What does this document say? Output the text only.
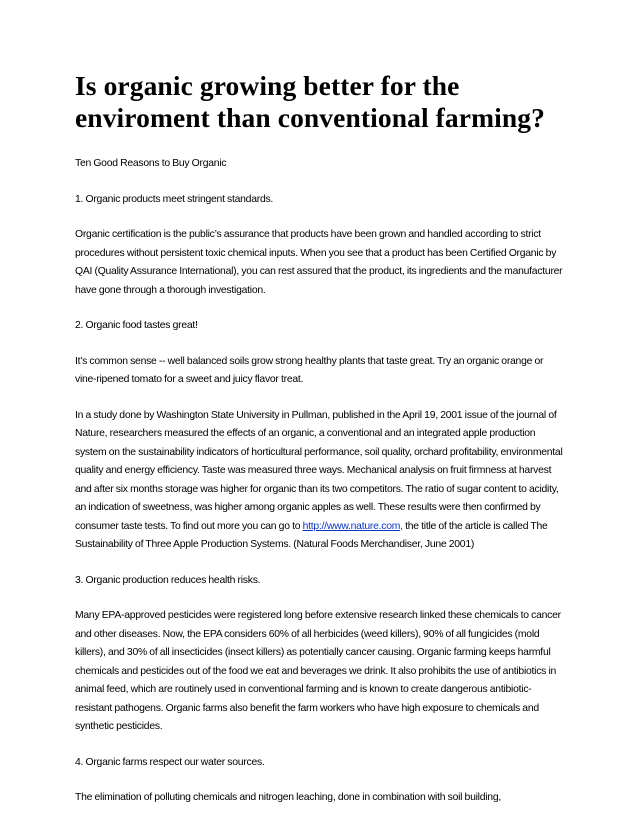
Is organic growing better for the enviroment than conventional farming?

Ten Good Reasons to Buy Organic

1. Organic products meet stringent standards.

Organic certification is the public’s assurance that products have been grown and handled according to strict procedures without persistent toxic chemical inputs. When you see that a product has been Certified Organic by QAI (Quality Assurance International), you can rest assured that the product, its ingredients and the manufacturer have gone through a thorough investigation.

2. Organic food tastes great!

It’s common sense -- well balanced soils grow strong healthy plants that taste great. Try an organic orange or vine-ripened tomato for a sweet and juicy flavor treat.

In a study done by Washington State University in Pullman, published in the April 19, 2001 issue of the journal of Nature, researchers measured the effects of an organic, a conventional and an integrated apple production system on the sustainability indicators of horticultural performance, soil quality, orchard profitability, environmental quality and energy efficiency. Taste was measured three ways. Mechanical analysis on fruit firmness at harvest and after six months storage was higher for organic than its two competitors. The ratio of sugar content to acidity, an indication of sweetness, was higher among organic apples as well. These results were then confirmed by consumer taste tests. To find out more you can go to http://www.nature.com, the title of the article is called The Sustainability of Three Apple Production Systems. (Natural Foods Merchandiser, June 2001)

3. Organic production reduces health risks.

Many EPA-approved pesticides were registered long before extensive research linked these chemicals to cancer and other diseases. Now, the EPA considers 60% of all herbicides (weed killers), 90% of all fungicides (mold killers), and 30% of all insecticides (insect killers) as potentially cancer causing. Organic farming keeps harmful chemicals and pesticides out of the food we eat and beverages we drink. It also prohibits the use of antibiotics in animal feed, which are routinely used in conventional farming and is known to create dangerous antibiotic-resistant pathogens. Organic farms also benefit the farm workers who have high exposure to chemicals and synthetic pesticides.

4. Organic farms respect our water sources.

The elimination of polluting chemicals and nitrogen leaching, done in combination with soil building,
